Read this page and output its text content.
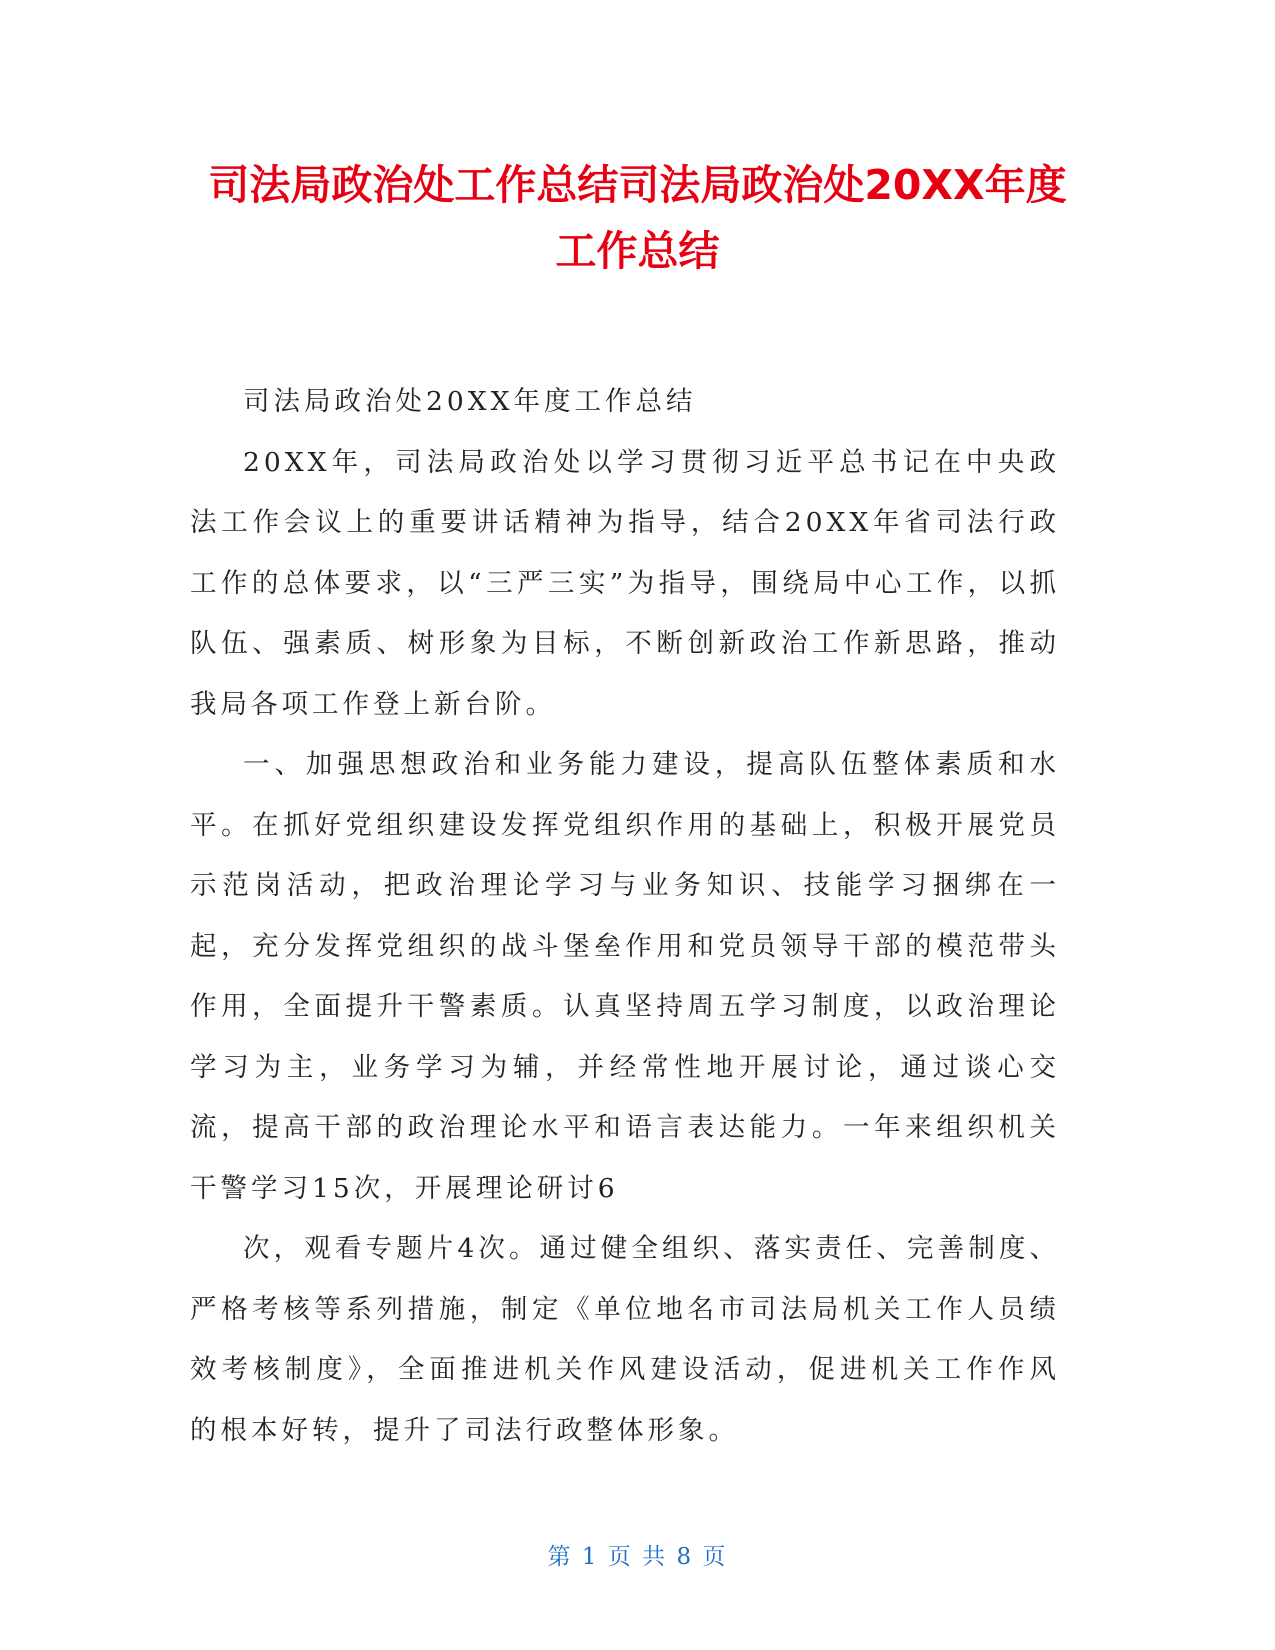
司法局政治处工作总结司法局政治处20XX年度工作总结

司法局政治处20XX年度工作总结

20XX年，司法局政治处以学习贯彻习近平总书记在中央政法工作会议上的重要讲话精神为指导，结合20XX年省司法行政工作的总体要求，以“三严三实”为指导，围绕局中心工作，以抓队伍、强素质、树形象为目标，不断创新政治工作新思路，推动我局各项工作登上新台阶。

一、加强思想政治和业务能力建设，提高队伍整体素质和水平。在抓好党组织建设发挥党组织作用的基础上，积极开展党员示范岗活动，把政治理论学习与业务知识、技能学习捆绑在一起，充分发挥党组织的战斗堡垒作用和党员领导干部的模范带头作用，全面提升干警素质。认真坚持周五学习制度，以政治理论学习为主，业务学习为辅，并经常性地开展讨论，通过谈心交流，提高干部的政治理论水平和语言表达能力。一年来组织机关干警学习15次，开展理论研讨6

次，观看专题片4次。通过健全组织、落实责任、完善制度、严格考核等系列措施，制定《单位地名市司法局机关工作人员绩效考核制度》，全面推进机关作风建设活动，促进机关工作作风的根本好转，提升了司法行政整体形象。

第 1 页 共 8 页
